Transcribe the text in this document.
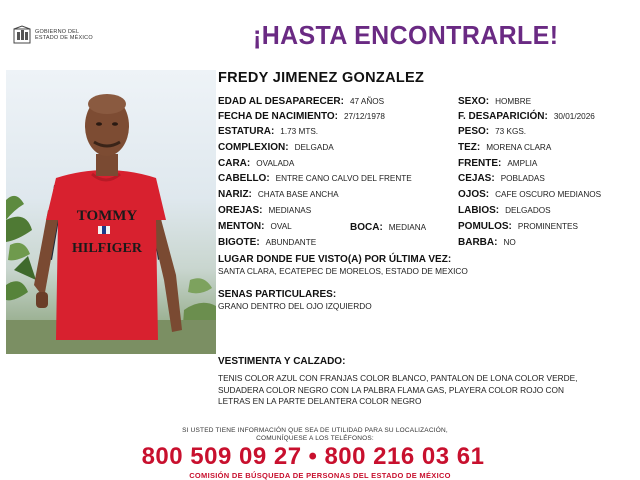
GOBIERNO DEL
ESTADO DE MÉXICO	¡HASTA ENCONTRARLE!
TOMMY
HILFIGER
FREDY JIMENEZ GONZALEZ
EDAD AL DESAPARECER: 47 AÑOS
FECHA DE NACIMIENTO: 27/12/1978
ESTATURA: 1.73 MTS.
COMPLEXION: DELGADA
CARA: OVALADA
CABELLO: ENTRE CANO CALVO DEL FRENTE
NARIZ: CHATA BASE ANCHA
OREJAS: MEDIANAS
MENTON: OVAL	BOCA: MEDIANA
BIGOTE: ABUNDANTE
SEXO: HOMBRE
F. DESAPARICIÓN: 30/01/2026
PESO: 73 KGS.
TEZ: MORENA CLARA
FRENTE: AMPLIA
CEJAS: POBLADAS
OJOS: CAFE OSCURO MEDIANOS
LABIOS: DELGADOS
POMULOS: PROMINENTES
BARBA: NO
LUGAR DONDE FUE VISTO(A) POR ÚLTIMA VEZ:
SANTA CLARA, ECATEPEC DE MORELOS, ESTADO DE MEXICO
SENAS PARTICULARES:
GRANO DENTRO DEL OJO IZQUIERDO
VESTIMENTA Y CALZADO:
TENIS COLOR AZUL CON FRANJAS COLOR BLANCO, PANTALON DE LONA COLOR VERDE, SUDADERA COLOR NEGRO CON LA PALBRA FLAMA GAS, PLAYERA COLOR ROJO CON LETRAS EN LA PARTE DELANTERA COLOR NEGRO
SI USTED TIENE INFORMACIÓN QUE SEA DE UTILIDAD PARA SU LOCALIZACIÓN,
COMUNÍQUESE A LOS TELÉFONOS:
800 509 09 27 • 800 216 03 61
COMISIÓN DE BÚSQUEDA DE PERSONAS DEL ESTADO DE MÉXICO
